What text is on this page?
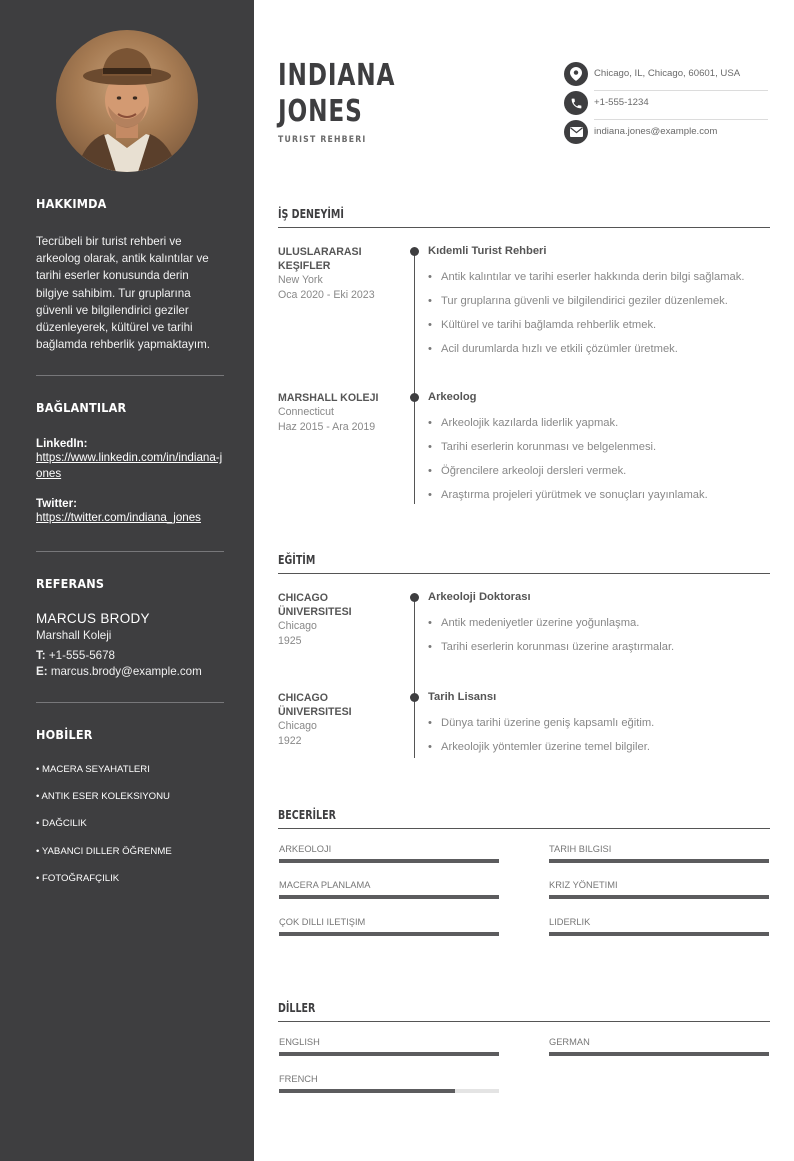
HAKKIMDA
Tecrübeli bir turist rehberi ve arkeolog olarak, antik kalıntılar ve tarihi eserler konusunda derin bilgiye sahibim. Tur gruplarına güvenli ve bilgilendirici geziler düzenleyerek, kültürel ve tarihi bağlamda rehberlik yapmaktayım.
BAĞLANTILAR
LinkedIn:
https://www.linkedin.com/in/indiana-jones
Twitter:
https://twitter.com/indiana_jones
REFERANS
MARCUS BRODY
Marshall Koleji
T: +1-555-5678
E: marcus.brody@example.com
HOBİLER
• MACERA SEYAHATLERI
• ANTIK ESER KOLEKSIYONU
• DAĞCILIK
• YABANCI DILLER ÖĞRENME
• FOTOĞRAFÇILIK
INDIANA
JONES
TURIST REHBERI
Chicago, IL, Chicago, 60601, USA
+1-555-1234
indiana.jones@example.com
İŞ DENEYİMİ
ULUSLARARASI KEŞIFLER
New York
Oca 2020 - Eki 2023
Kıdemli Turist Rehberi
• Antik kalıntılar ve tarihi eserler hakkında derin bilgi sağlamak.
• Tur gruplarına güvenli ve bilgilendirici geziler düzenlemek.
• Kültürel ve tarihi bağlamda rehberlik etmek.
• Acil durumlarda hızlı ve etkili çözümler üretmek.
MARSHALL KOLEJI
Connecticut
Haz 2015 - Ara 2019
Arkeolog
• Arkeolojik kazılarda liderlik yapmak.
• Tarihi eserlerin korunması ve belgelenmesi.
• Öğrencilere arkeoloji dersleri vermek.
• Araştırma projeleri yürütmek ve sonuçları yayınlamak.
EĞİTİM
CHICAGO ÜNIVERSITESI
Chicago
1925
Arkeoloji Doktorası
• Antik medeniyetler üzerine yoğunlaşma.
• Tarihi eserlerin korunması üzerine araştırmalar.
CHICAGO ÜNIVERSITESI
Chicago
1922
Tarih Lisansı
• Dünya tarihi üzerine geniş kapsamlı eğitim.
• Arkeolojik yöntemler üzerine temel bilgiler.
BECERİLER
ARKEOLOJI	TARIH BILGISI
MACERA PLANLAMA	KRIZ YÖNETIMI
ÇOK DILLI ILETIŞIM	LIDERLIK
DİLLER
ENGLISH	GERMAN
FRENCH
